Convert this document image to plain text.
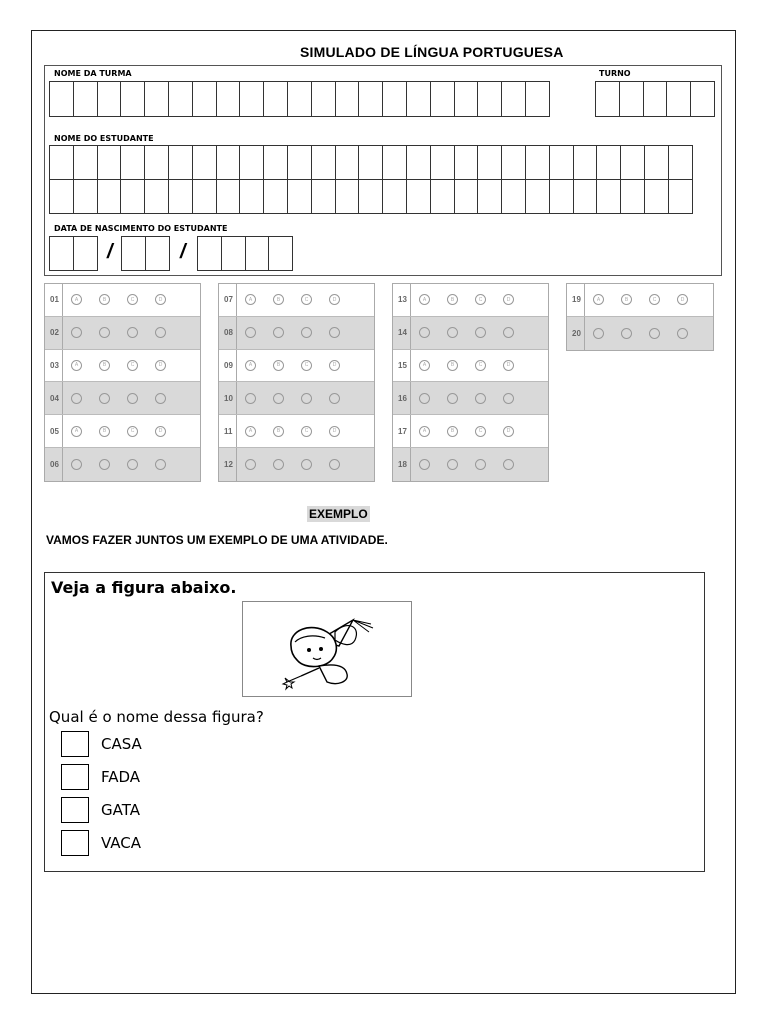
SIMULADO DE LÍNGUA PORTUGUESA
NOME DA TURMA	TURNO
NOME DO ESTUDANTE
DATA DE NASCIMENTO DO ESTUDANTE
/	/
01	A	B	C	D
02
03	A	B	C	D
04
05	A	B	C	D
06
07	A	B	C	D
08
09	A	B	C	D
10
11	A	B	C	D
12
13	A	B	C	D
14
15	A	B	C	D
16
17	A	B	C	D
18
19	A	B	C	D
20
EXEMPLO
VAMOS FAZER JUNTOS UM EXEMPLO DE UMA ATIVIDADE.
Veja a figura abaixo.
Qual é o nome dessa figura?
CASA
FADA
GATA
VACA
